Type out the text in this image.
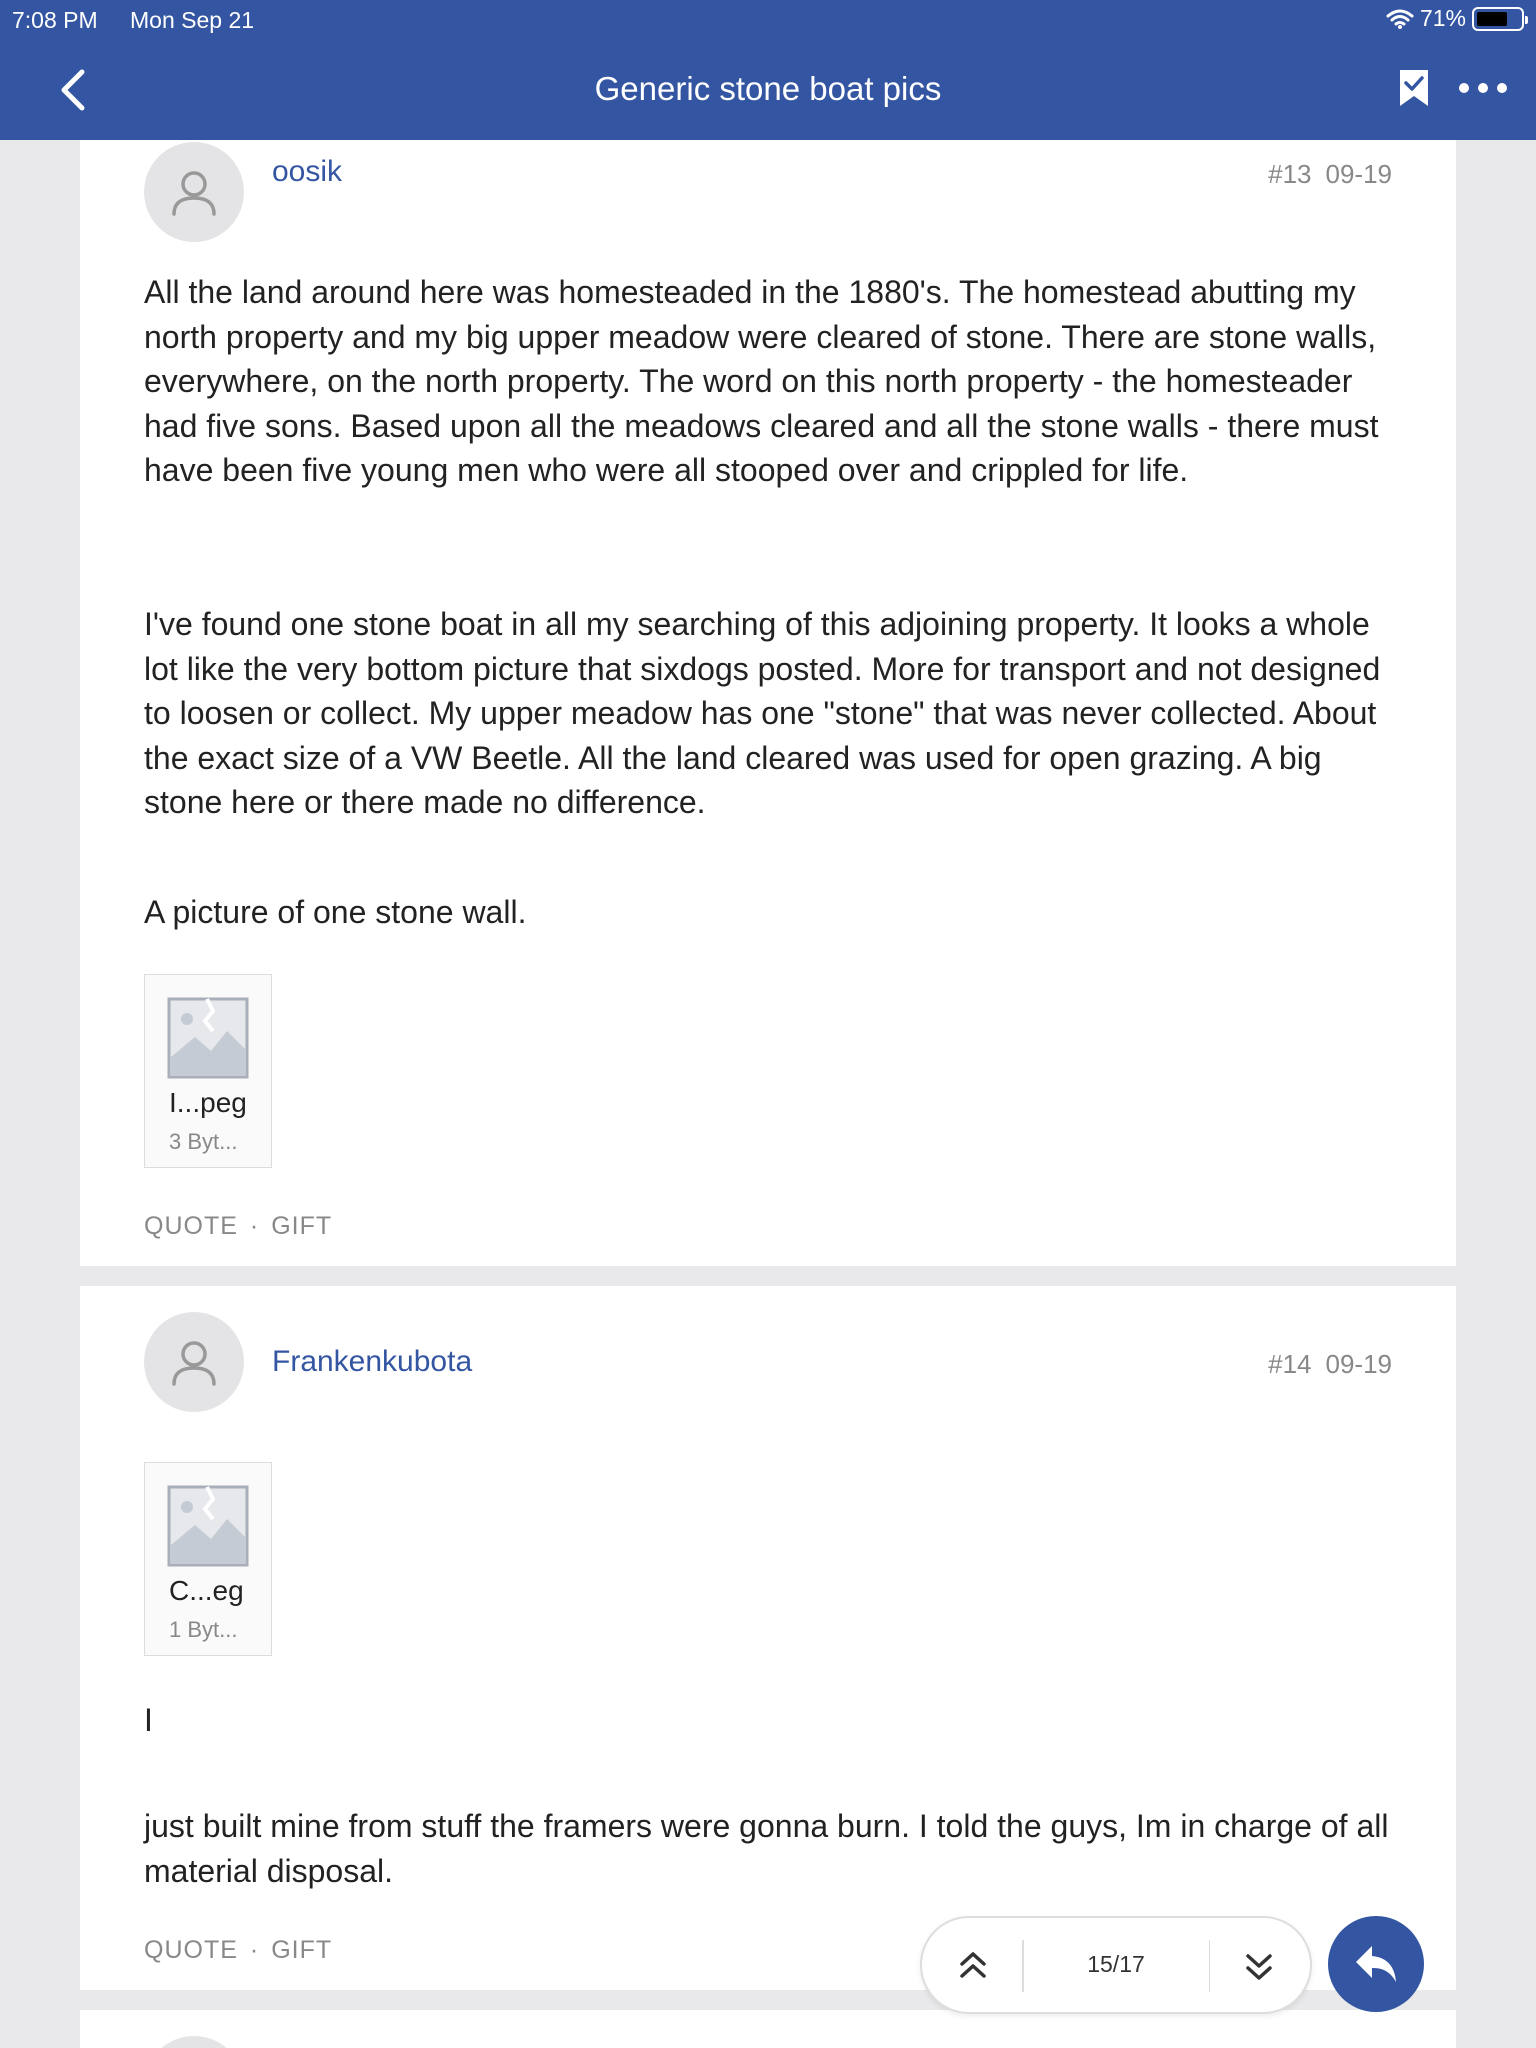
7:08 PM Mon Sep 21	71%
Generic stone boat pics
oosik	#13 09-19

All the land around here was homesteaded in the 1880's. The homestead abutting my north property and my big upper meadow were cleared of stone. There are stone walls, everywhere, on the north property. The word on this north property - the homesteader had five sons. Based upon all the meadows cleared and all the stone walls - there must have been five young men who were all stooped over and crippled for life.

I've found one stone boat in all my searching of this adjoining property. It looks a whole lot like the very bottom picture that sixdogs posted. More for transport and not designed to loosen or collect. My upper meadow has one "stone" that was never collected. About the exact size of a VW Beetle. All the land cleared was used for open grazing. A big stone here or there made no difference.

A picture of one stone wall.

I...peg
3 Byt...
QUOTE · GIFT
Frankenkubota	#14 09-19
C...eg
1 Byt...

I

just built mine from stuff the framers were gonna burn. I told the guys, Im in charge of all material disposal.

QUOTE · GIFT	15/17
